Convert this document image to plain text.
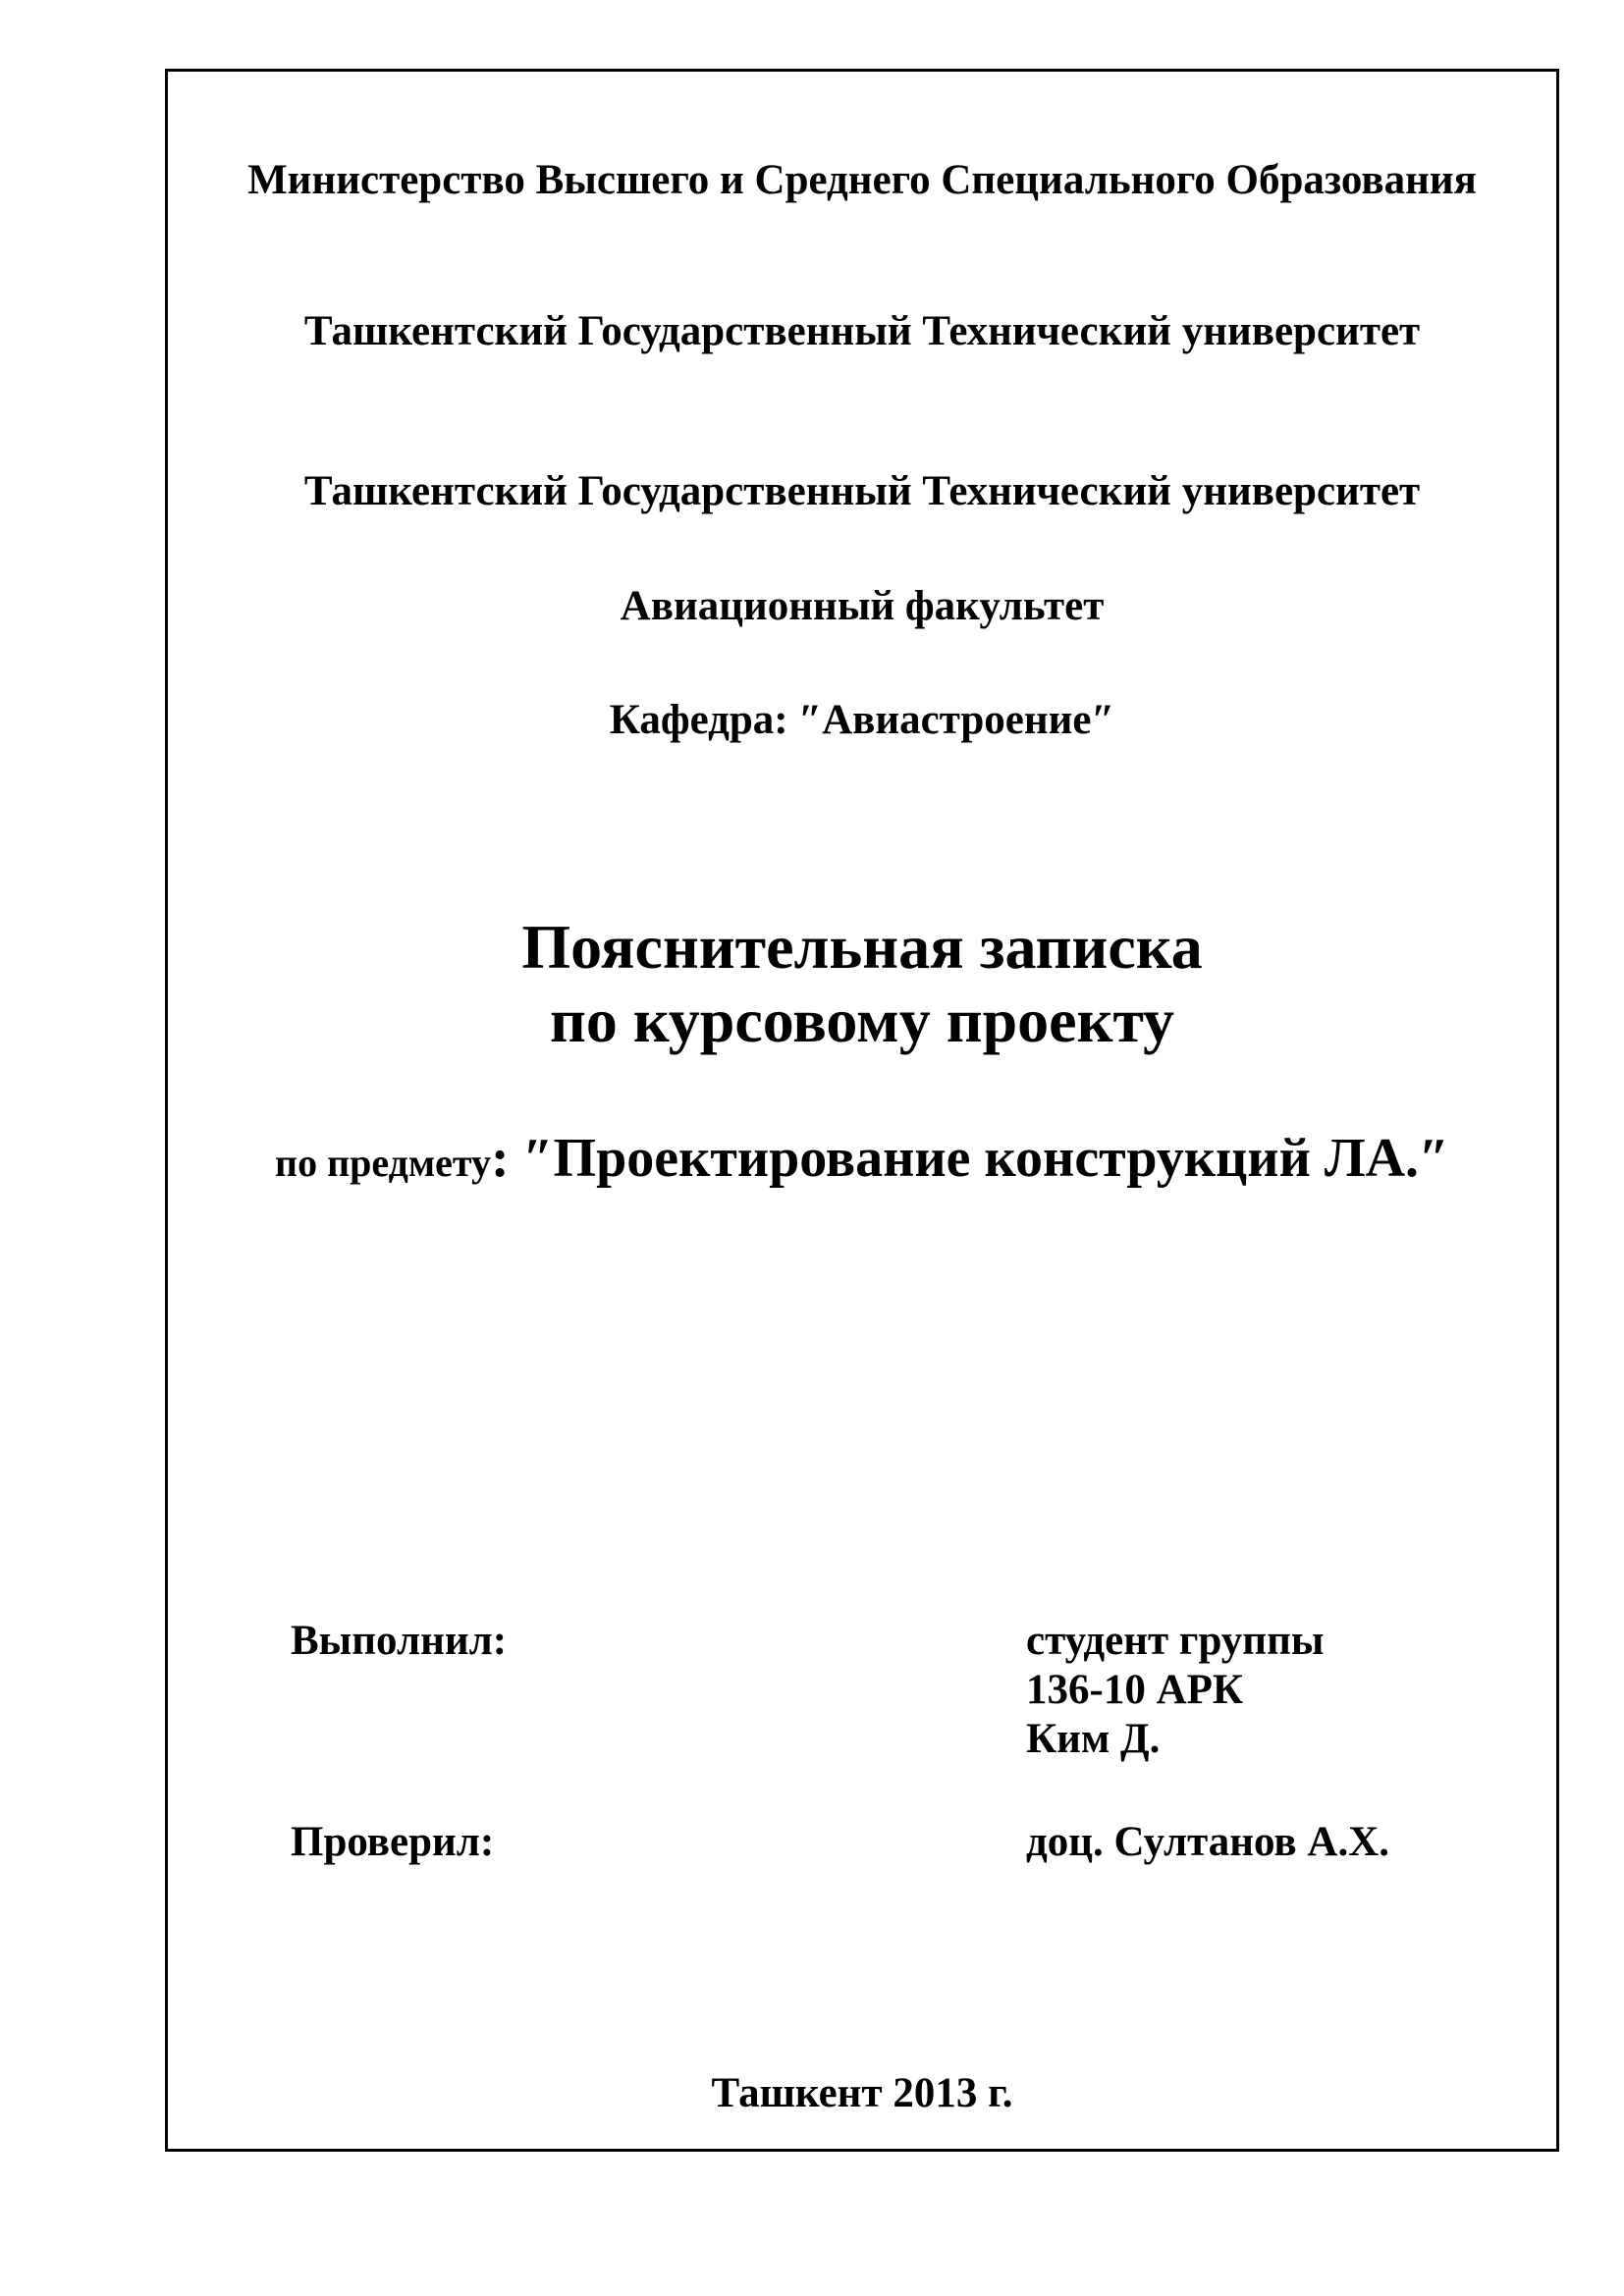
Министерство Высшего и Среднего Специального Образования
Ташкентский Государственный Технический университет
Ташкентский Государственный Технический университет
Авиационный факультет
Кафедра: ″Авиастроение″
Пояснительная записка
по курсовому проекту
по предмету: ″Проектирование конструкций ЛА.″
Выполнил:	студент группы
136-10 АРК
Ким Д.
Проверил:	доц. Султанов А.Х.
Ташкент 2013 г.
